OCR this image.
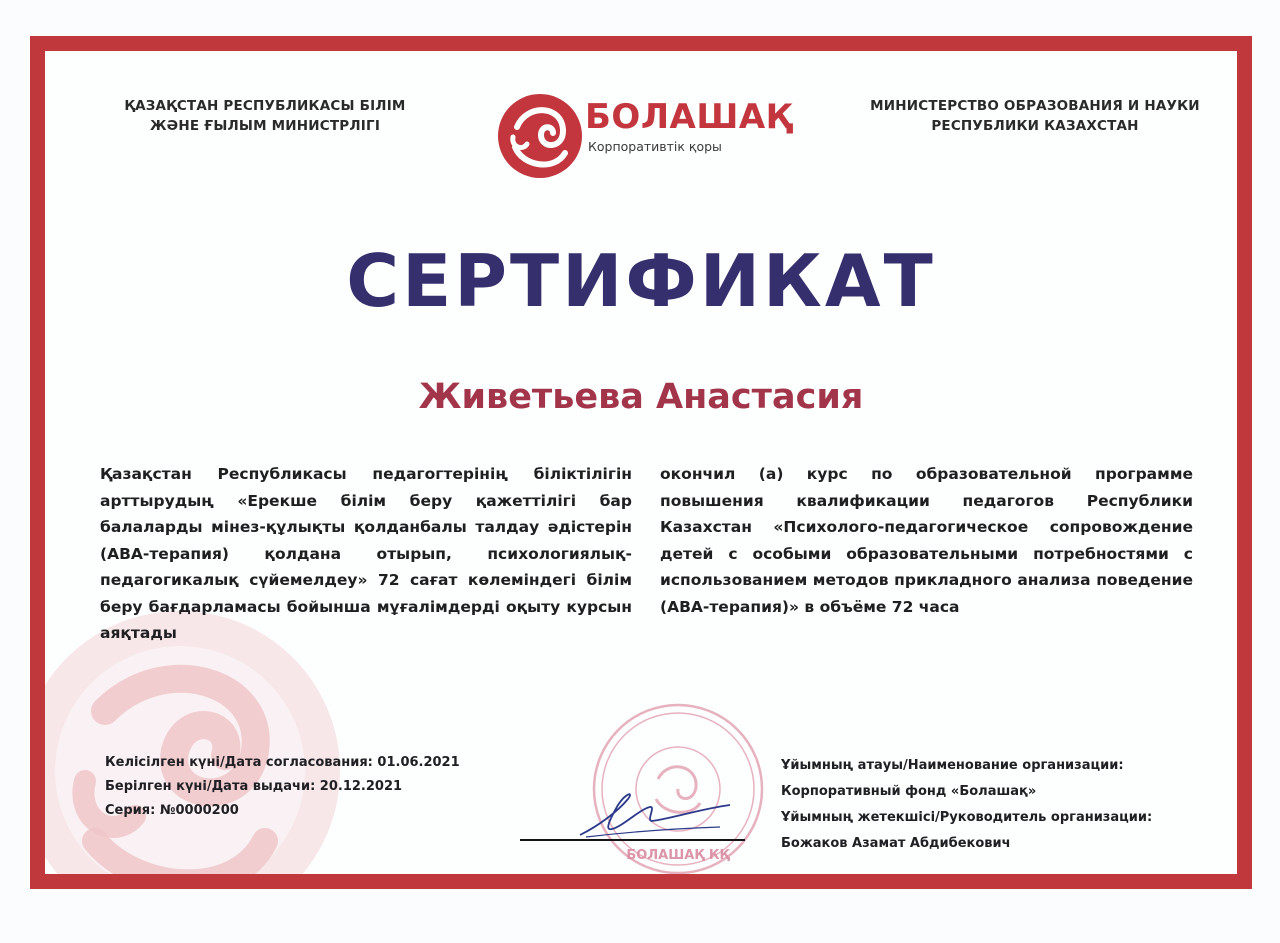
ҚАЗАҚСТАН РЕСПУБЛИКАСЫ БІЛІМ
ЖӘНЕ ҒЫЛЫМ МИНИСТРЛІГІ	БОЛАШАҚ
Корпоративтік қоры
МИНИСТЕРСТВО ОБРАЗОВАНИЯ И НАУКИ
РЕСПУБЛИКИ КАЗАХСТАН
СЕРТИФИКАТ
Живетьева Анастасия
Қазақстан Республикасы педагогтерінің біліктілігін арттырудың «Ерекше білім беру қажеттілігі бар балаларды мінез-құлықты қолданбалы талдау әдістерін (АВА-терапия) қолдана отырып, психологиялық-педагогикалық сүйемелдеу» 72 сағат көлеміндегі білім беру бағдарламасы бойынша мұғалімдерді оқыту курсын аяқтады
окончил (а) курс по образовательной программе повышения квалификации педагогов Республики Казахстан «Психолого-педагогическое сопровождение детей с особыми образовательными потребностями с использованием методов прикладного анализа поведение (АВА-терапия)» в объёме 72 часа
Келісілген күні/Дата согласования: 01.06.2021
Берілген күні/Дата выдачи: 20.12.2021
Серия: №0000200
БОЛАШАҚ КҚ
Ұйымның атауы/Наименование организации:
Корпоративный фонд «Болашақ»
Ұйымның жетекшісі/Руководитель организации:
Божаков Азамат Абдибекович
